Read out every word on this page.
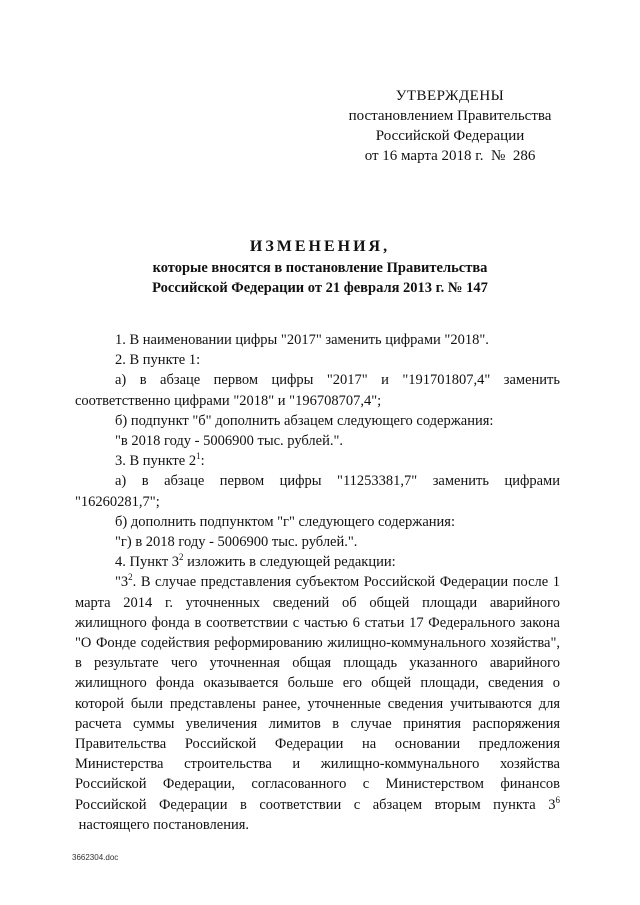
УТВЕРЖДЕНЫ
постановлением Правительства
Российской Федерации
от 16 марта 2018 г.  №  286
ИЗМЕНЕНИЯ,
которые вносятся в постановление Правительства
Российской Федерации от 21 февраля 2013 г. № 147

1. В наименовании цифры "2017" заменить цифрами "2018".

2. В пункте 1:

а) в абзаце первом цифры "2017" и "191701807,4" заменить соответственно цифрами "2018" и "196708707,4";

б) подпункт "б" дополнить абзацем следующего содержания:

"в 2018 году - 5006900 тыс. рублей.".

3. В пункте $2^1$:

а) в абзаце первом цифры "11253381,7" заменить цифрами "16260281,7";

б) дополнить подпунктом "г" следующего содержания:

"г) в 2018 году - 5006900 тыс. рублей.".

4. Пункт $3^2$ изложить в следующей редакции:

"$3^2$. В случае представления субъектом Российской Федерации после 1 марта 2014 г. уточненных сведений об общей площади аварийного жилищного фонда в соответствии с частью 6 статьи 17 Федерального закона "О Фонде содействия реформированию жилищно-коммунального хозяйства", в результате чего уточненная общая площадь указанного аварийного жилищного фонда оказывается больше его общей площади, сведения о которой были представлены ранее, уточненные сведения учитываются для расчета суммы увеличения лимитов в случае принятия распоряжения Правительства Российской Федерации на основании предложения Министерства строительства и жилищно-коммунального хозяйства Российской Федерации, согласованного с Министерством финансов Российской Федерации в соответствии с абзацем вторым пункта $3^6$ настоящего постановления.

3662304.doc
